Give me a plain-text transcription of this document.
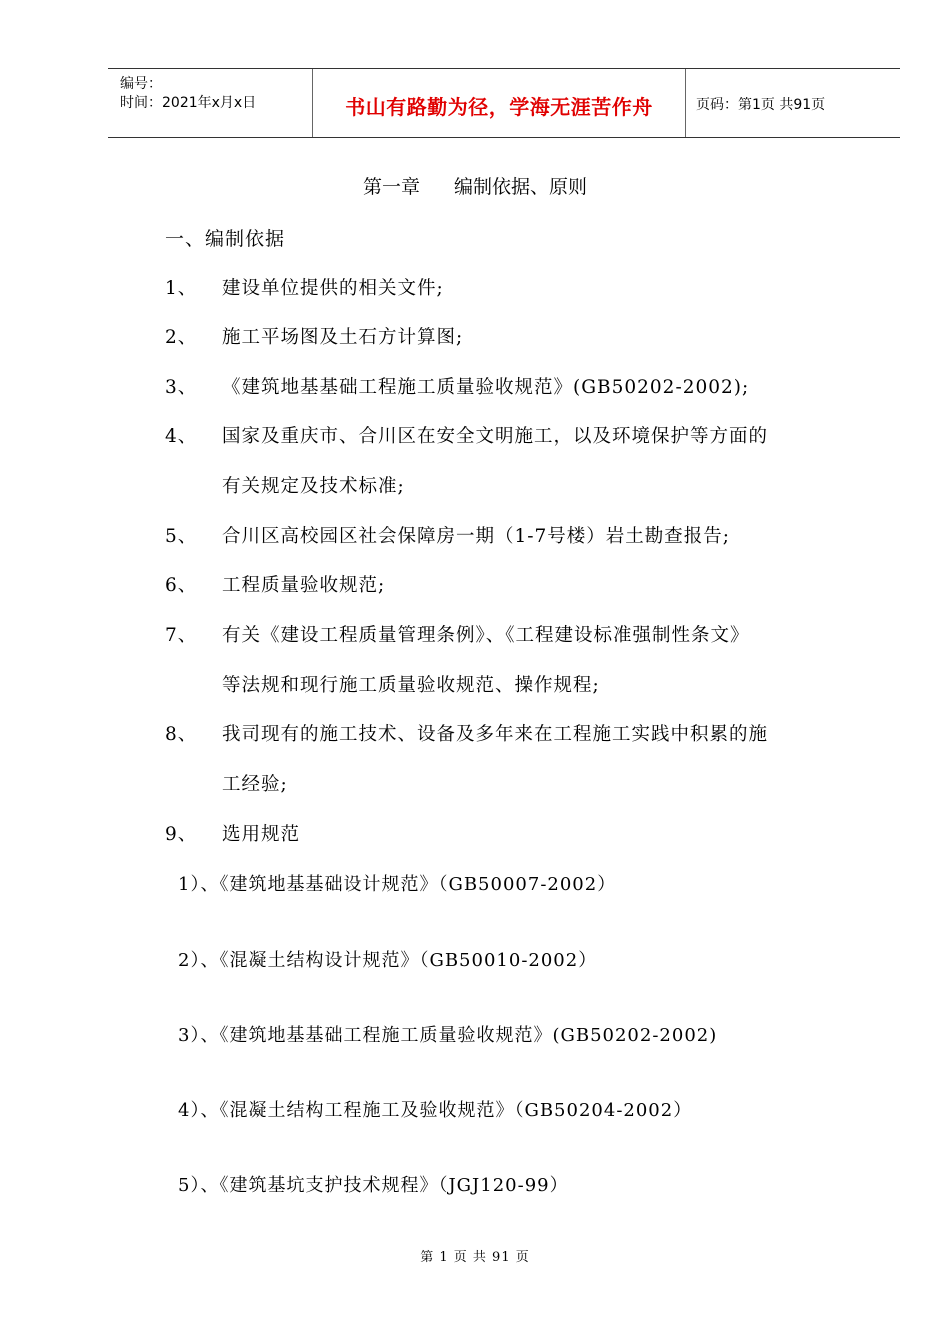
编号：
时间：2021年x月x日	书山有路勤为径，学海无涯苦作舟	页码：第1页 共91页
第一章 编制依据、原则
一、编制依据
1、 建设单位提供的相关文件;
2、 施工平场图及土石方计算图;
3、 《建筑地基基础工程施工质量验收规范》(GB50202-2002);
4、 国家及重庆市、合川区在安全文明施工，以及环境保护等方面的
有关规定及技术标准;
5、 合川区高校园区社会保障房一期（1-7号楼）岩土勘查报告;
6、 工程质量验收规范;
7、 有关《建设工程质量管理条例》、《工程建设标准强制性条文》
等法规和现行施工质量验收规范、操作规程;
8、 我司现有的施工技术、设备及多年来在工程施工实践中积累的施
工经验;
9、 选用规范
1）、《建筑地基基础设计规范》（GB50007-2002）
2）、《混凝土结构设计规范》（GB50010-2002）
3）、《建筑地基基础工程施工质量验收规范》(GB50202-2002)
4）、《混凝土结构工程施工及验收规范》（GB50204-2002）
5）、《建筑基坑支护技术规程》（JGJ120-99）
第 1 页 共 91 页
